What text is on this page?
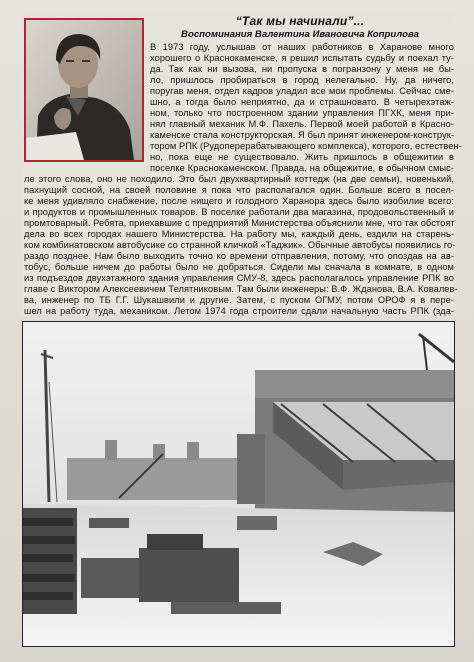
“Так мы начинали”...
Воспоминания Валентина Ивановича Коприлова
В 1973 году, услышав от наших работников в Харанове много
хорошего о Краснокаменске, я решил испытать судьбу и поехал ту-
да. Так как ни вызова, ни пропуска в погранзону у меня не бы-
ло, пришлось пробираться в город нелегально. Ну, да ничего,
поругав меня, отдел кадров уладил все мои проблемы. Сейчас сме-
шно, а тогда было неприятно, да и страшновато. В четырехэтаж-
ном, только что построенном здании управления ПГХК, меня при-
нял главный механик М.Ф. Пахель. Первой моей работой в Красно-
каменске стала конструкторская. Я был принят инженером-конструк-
тором РПК (Рудоперерабатывающего комплекса), которого, естествен-
но, пока еще не существовало. Жить пришлось в общежитии в
поселке Краснокаменском. Правда, на общежитие, в обычном смыс-
ле этого слова, оно не походило. Это был двухквартирный коттедж (на две семьи), новенький,
пахнущий сосной, на своей половине я пока что располагался один. Больше всего в посел-
ке меня удивляло снабжение, после нищего и голодного Харанора здесь было изобилие всего:
и продуктов и промышленных товаров. В поселке работали два магазина, продовольственный и
промтоварный. Ребята, приехавшие с предприятий Министерства объяснили мне, что так обстоят
дела во всех городах нашего Министерства. На работу мы, каждый день, ездили на старень-
ком комбинатовском автобусике со странной кличкой «Таджик». Обычные автобусы появились го-
раздо позднее. Нам было выходить точно ко времени отправления, потому, что опоздав на ав-
тобус, больше ничем до работы было не добраться. Сидели мы сначала в комнате, в одном
из подъездов двухэтажного здания управления СМУ-8, здесь располагалось управление РПК во
главе с Виктором Алексеевичем Телятниковым. Там были инженеры: В.Ф. Жданова, В.А. Ковалев-
ва, инженер по ТБ Г.Г. Шукашвили и другие. Затем, с пуском ОГМУ, потом ОРОФ я в пере-
шел на работу туда, механиком. Летом 1974 года строители сдали начальную часть РПК (зда-
